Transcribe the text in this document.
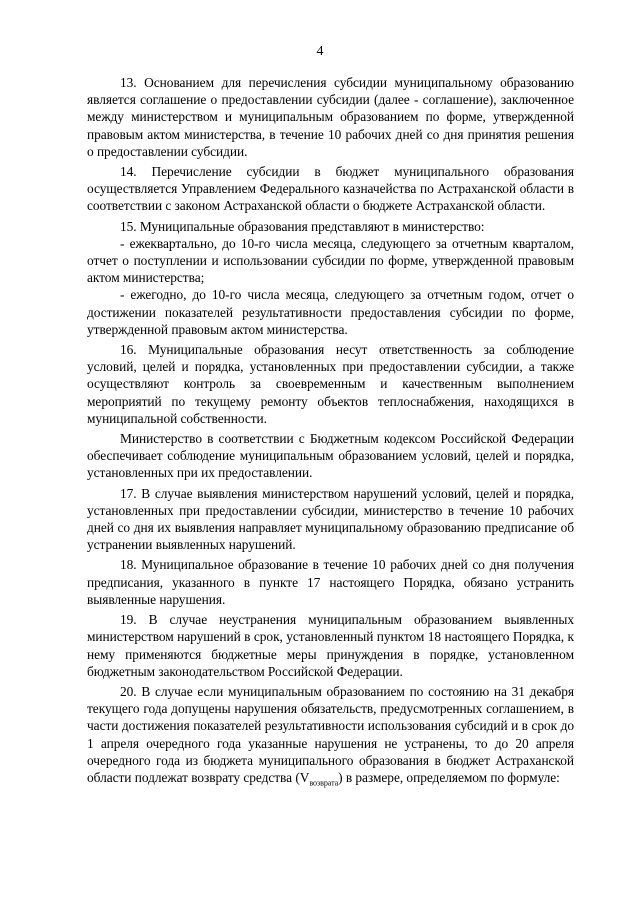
4

13. Основанием для перечисления субсидии муниципальному образованию является соглашение о предоставлении субсидии (далее - соглашение), заключенное между министерством и муниципальным образованием по форме, утвержденной правовым актом министерства, в течение 10 рабочих дней со дня принятия решения о предоставлении субсидии.

14. Перечисление субсидии в бюджет муниципального образования осуществляется Управлением Федерального казначейства по Астраханской области в соответствии с законом Астраханской области о бюджете Астраханской области.

15. Муниципальные образования представляют в министерство:

- ежеквартально, до 10-го числа месяца, следующего за отчетным кварталом, отчет о поступлении и использовании субсидии по форме, утвержденной правовым актом министерства;

- ежегодно, до 10-го числа месяца, следующего за отчетным годом, отчет о достижении показателей результативности предоставления субсидии по форме, утвержденной правовым актом министерства.

16. Муниципальные образования несут ответственность за соблюдение условий, целей и порядка, установленных при предоставлении субсидии, а также осуществляют контроль за своевременным и качественным выполнением мероприятий по текущему ремонту объектов теплоснабжения, находящихся в муниципальной собственности.

Министерство в соответствии с Бюджетным кодексом Российской Федерации обеспечивает соблюдение муниципальным образованием условий, целей и порядка, установленных при их предоставлении.

17. В случае выявления министерством нарушений условий, целей и порядка, установленных при предоставлении субсидии, министерство в течение 10 рабочих дней со дня их выявления направляет муниципальному образованию предписание об устранении выявленных нарушений.

18. Муниципальное образование в течение 10 рабочих дней со дня получения предписания, указанного в пункте 17 настоящего Порядка, обязано устранить выявленные нарушения.

19. В случае неустранения муниципальным образованием выявленных министерством нарушений в срок, установленный пунктом 18 настоящего Порядка, к нему применяются бюджетные меры принуждения в порядке, установленном бюджетным законодательством Российской Федерации.

20. В случае если муниципальным образованием по состоянию на 31 декабря текущего года допущены нарушения обязательств, предусмотренных соглашением, в части достижения показателей результативности использования субсидий и в срок до 1 апреля очередного года указанные нарушения не устранены, то до 20 апреля очередного года из бюджета муниципального образования в бюджет Астраханской области подлежат возврату средства $(V_{возврата})$ в размере, определяемом по формуле:
